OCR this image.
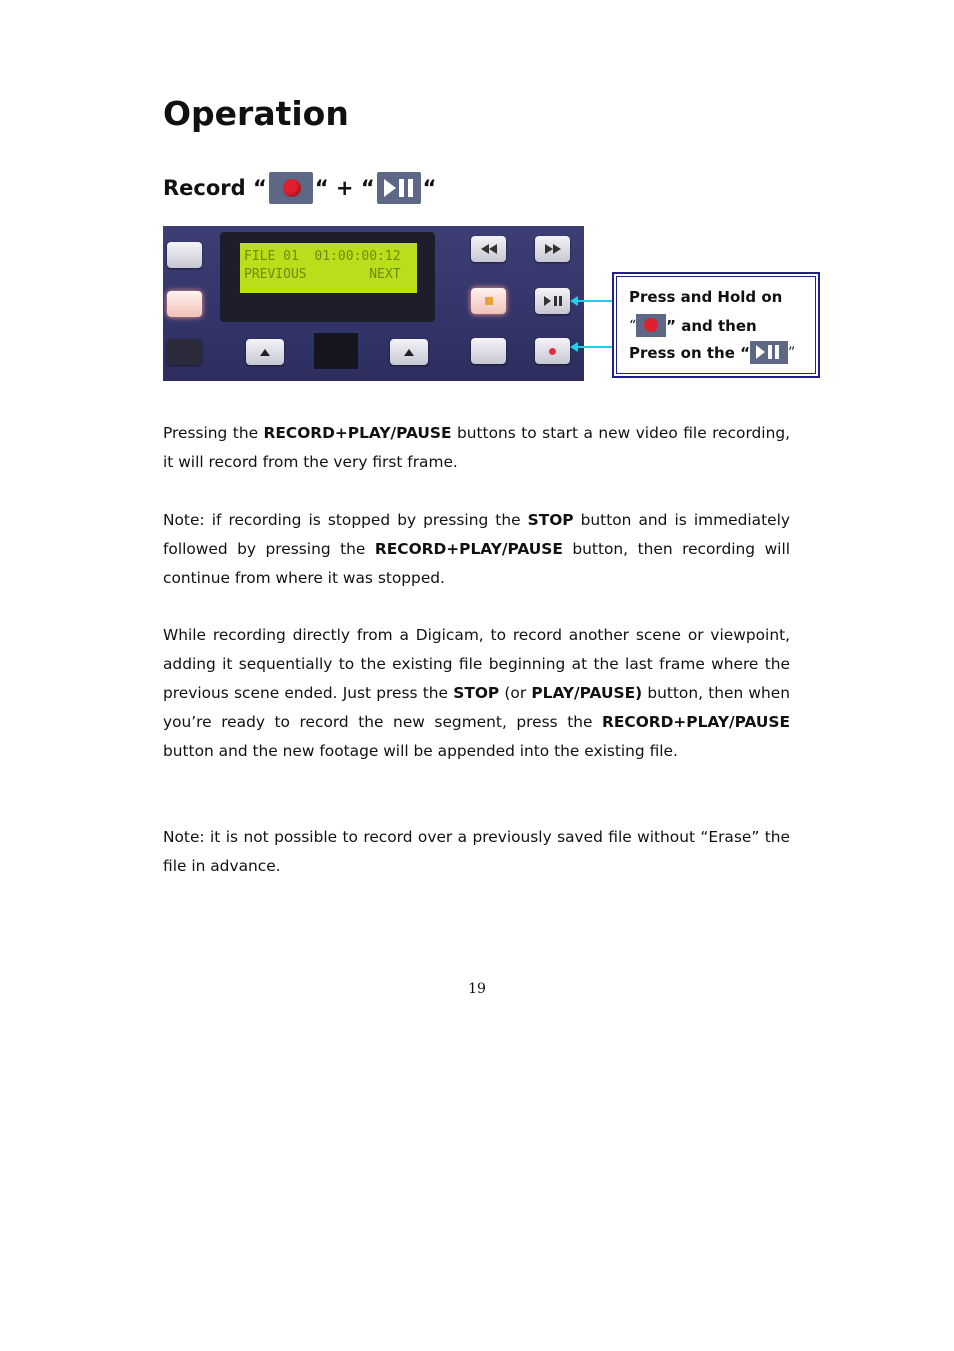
Operation
Record
“ “ + “ “
FILE 01  01:00:00:12
PREVIOUS        NEXT
Press and Hold on
“ ” and then
Press on the “	”

Pressing the RECORD+PLAY/PAUSE buttons to start a new video file recording, it will record from the very first frame.

Note: if recording is stopped by pressing the STOP button and is immediately followed by pressing the RECORD+PLAY/PAUSE button, then recording will continue from where it was stopped.

While recording directly from a Digicam, to record another scene or viewpoint, adding it sequentially to the existing file beginning at the last frame where the previous scene ended. Just press the STOP (or PLAY/PAUSE) button, then when you’re ready to record the new segment, press the RECORD+PLAY/PAUSE button and the new footage will be appended into the existing file.

Note: it is not possible to record over a previously saved file without “Erase” the file in advance.

19
